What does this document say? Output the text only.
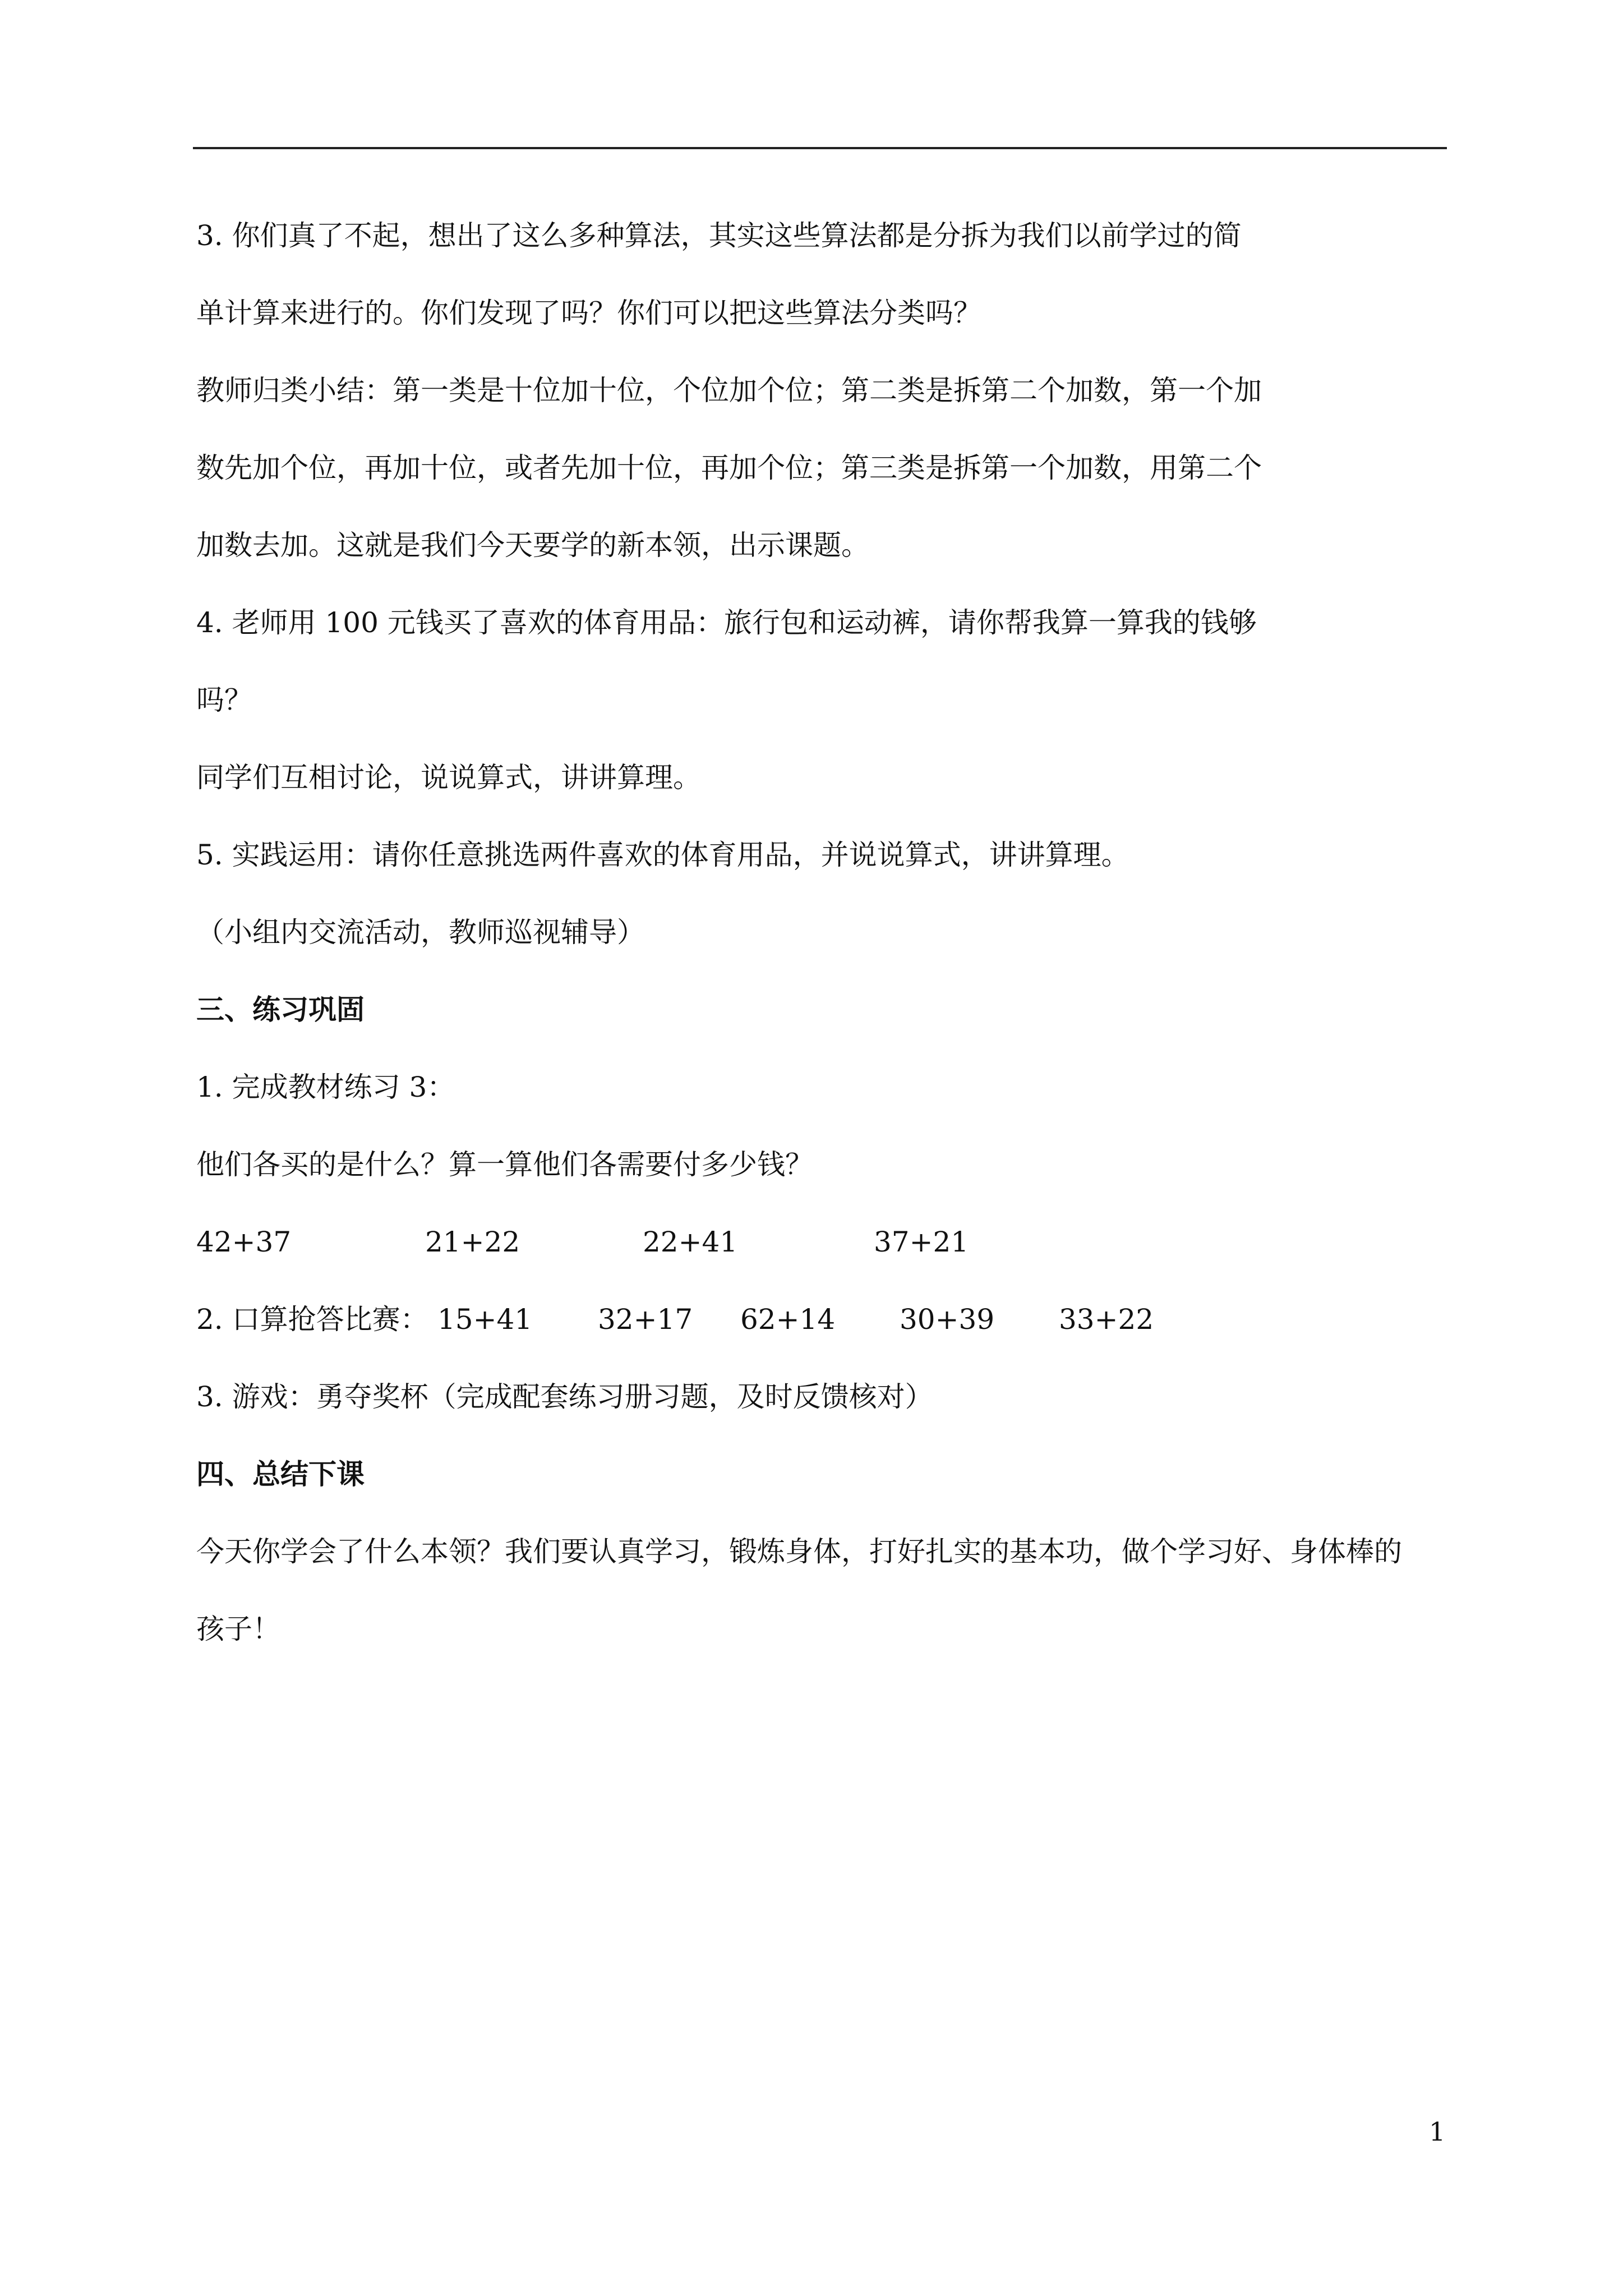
3. 你们真了不起，想出了这么多种算法，其实这些算法都是分拆为我们以前学过的简
单计算来进行的。你们发现了吗？你们可以把这些算法分类吗？
教师归类小结：第一类是十位加十位，个位加个位；第二类是拆第二个加数，第一个加
数先加个位，再加十位，或者先加十位，再加个位；第三类是拆第一个加数，用第二个
加数去加。这就是我们今天要学的新本领，出示课题。
4. 老师用 100 元钱买了喜欢的体育用品：旅行包和运动裤，请你帮我算一算我的钱够
吗？
同学们互相讨论，说说算式，讲讲算理。
5. 实践运用：请你任意挑选两件喜欢的体育用品，并说说算式，讲讲算理。
（小组内交流活动，教师巡视辅导）
三、练习巩固
1. 完成教材练习 3：
他们各买的是什么？算一算他们各需要付多少钱？
42+37	21+22	22+41	37+21
2. 口算抢答比赛： 15+41 32+17 62+14 30+39 33+22
3. 游戏：勇夺奖杯（完成配套练习册习题，及时反馈核对）
四、总结下课
今天你学会了什么本领？我们要认真学习，锻炼身体，打好扎实的基本功，做个学习好、身体棒的
孩子！
1
